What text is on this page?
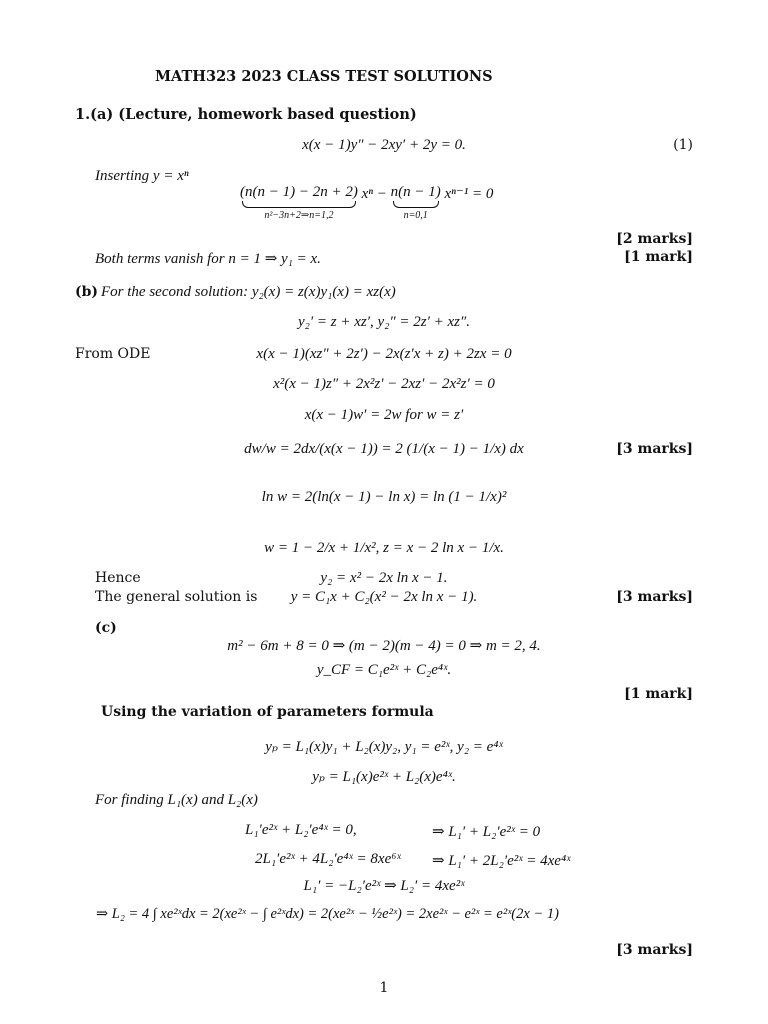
MATH323 2023 CLASS TEST SOLUTIONS
1.(a) (Lecture, homework based question)
x(x − 1)y″ − 2xy′ + 2y = 0.	(1)
Inserting y = xⁿ
(n(n − 1) − 2n + 2)
n²−3n+2⇒n=1,2
xⁿ − n(n − 1)
n=0,1
xⁿ⁻¹ = 0
[2 marks]
Both terms vanish for n = 1 ⇒ y₁ = x.	[1 mark]
(b) For the second solution: y₂(x) = z(x)y₁(x) = xz(x)
y₂′ = z + xz′, y₂″ = 2z′ + xz″.
From ODE	x(x − 1)(xz″ + 2z′) − 2x(z′x + z) + 2zx = 0
x²(x − 1)z″ + 2x²z′ − 2xz′ − 2x²z′ = 0
x(x − 1)w′ = 2w for w = z′
dw/w = 2dx/(x(x − 1)) = 2 (1/(x − 1) − 1/x) dx	[3 marks]
ln w = 2(ln(x − 1) − ln x) = ln (1 − 1/x)²
w = 1 − 2/x + 1/x², z = x − 2 ln x − 1/x.
Hence	y₂ = x² − 2x ln x − 1.
The general solution is	y = C₁x + C₂(x² − 2x ln x − 1).	[3 marks]
(c)
m² − 6m + 8 = 0 ⇒ (m − 2)(m − 4) = 0 ⇒ m = 2, 4.
y_CF = C₁e²ˣ + C₂e⁴ˣ.
[1 mark]
Using the variation of parameters formula
yₚ = L₁(x)y₁ + L₂(x)y₂, y₁ = e²ˣ, y₂ = e⁴ˣ
yₚ = L₁(x)e²ˣ + L₂(x)e⁴ˣ.
For finding L₁(x) and L₂(x)
L₁′e²ˣ + L₂′e⁴ˣ = 0,	⇒ L₁′ + L₂′e²ˣ = 0
2L₁′e²ˣ + 4L₂′e⁴ˣ = 8xe⁶ˣ ⇒ L₁′ + 2L₂′e²ˣ = 4xe⁴ˣ
L₁′ = −L₂′e²ˣ ⇒ L₂′ = 4xe²ˣ
⇒ L₂ = 4 ∫ xe²ˣdx = 2(xe²ˣ − ∫ e²ˣdx) = 2(xe²ˣ − ½e²ˣ) = 2xe²ˣ − e²ˣ = e²ˣ(2x − 1)
[3 marks]
1
